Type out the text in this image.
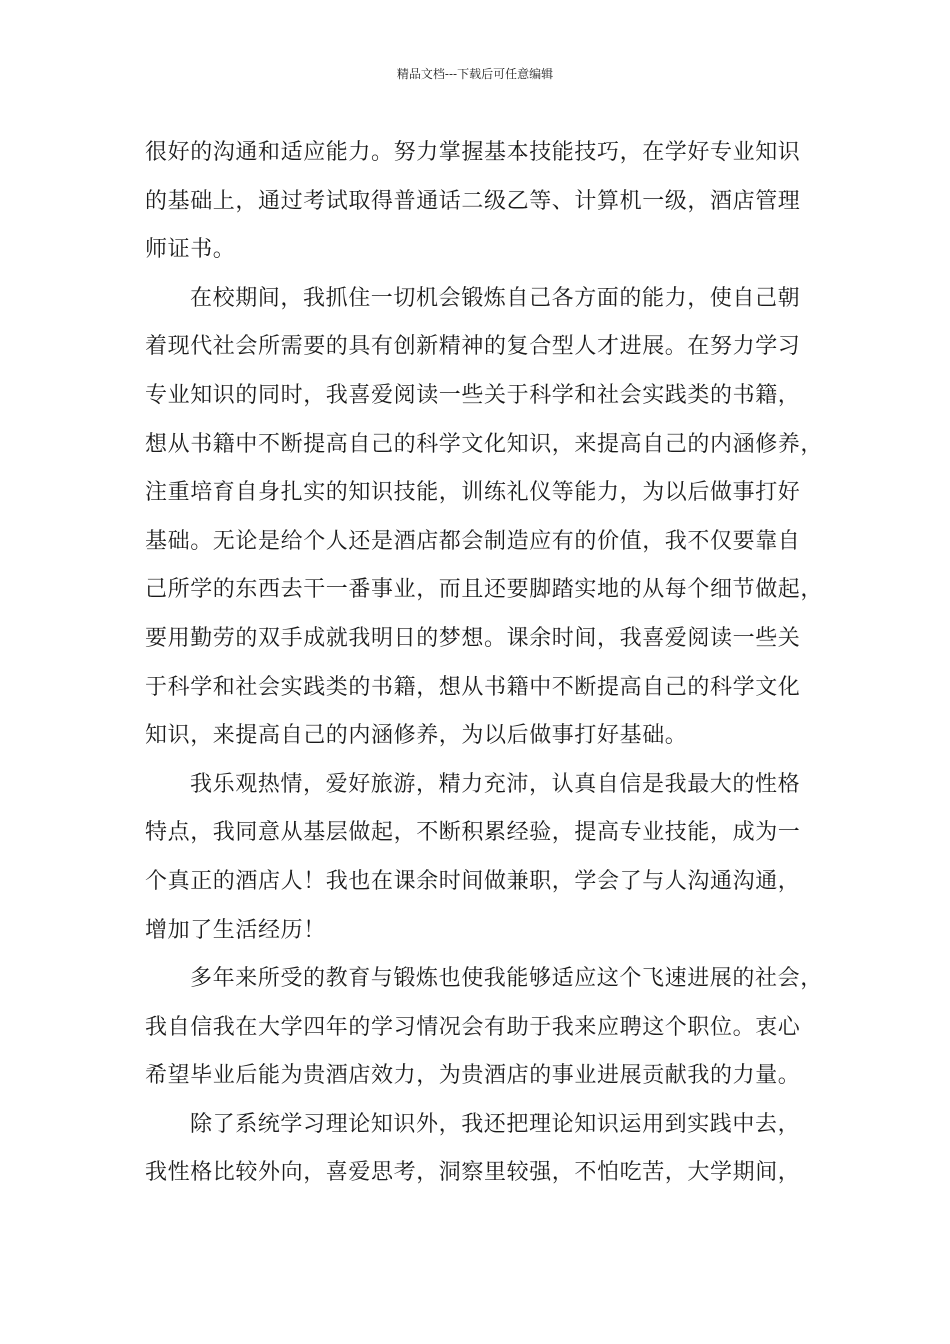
精品文档---下载后可任意编辑
很好的沟通和适应能力。努力掌握基本技能技巧，在学好专业知识
的基础上，通过考试取得普通话二级乙等、计算机一级，酒店管理
师证书。
在校期间，我抓住一切机会锻炼自己各方面的能力，使自己朝
着现代社会所需要的具有创新精神的复合型人才进展。在努力学习
专业知识的同时，我喜爱阅读一些关于科学和社会实践类的书籍，
想从书籍中不断提高自己的科学文化知识，来提高自己的内涵修养，
注重培育自身扎实的知识技能，训练礼仪等能力，为以后做事打好
基础。无论是给个人还是酒店都会制造应有的价值，我不仅要靠自
己所学的东西去干一番事业，而且还要脚踏实地的从每个细节做起，
要用勤劳的双手成就我明日的梦想。课余时间，我喜爱阅读一些关
于科学和社会实践类的书籍，想从书籍中不断提高自己的科学文化
知识，来提高自己的内涵修养，为以后做事打好基础。
我乐观热情，爱好旅游，精力充沛，认真自信是我最大的性格
特点，我同意从基层做起，不断积累经验，提高专业技能，成为一
个真正的酒店人！我也在课余时间做兼职，学会了与人沟通沟通，
增加了生活经历！
多年来所受的教育与锻炼也使我能够适应这个飞速进展的社会，
我自信我在大学四年的学习情况会有助于我来应聘这个职位。衷心
希望毕业后能为贵酒店效力，为贵酒店的事业进展贡献我的力量。
除了系统学习理论知识外，我还把理论知识运用到实践中去，
我性格比较外向，喜爱思考，洞察里较强，不怕吃苦，大学期间，
